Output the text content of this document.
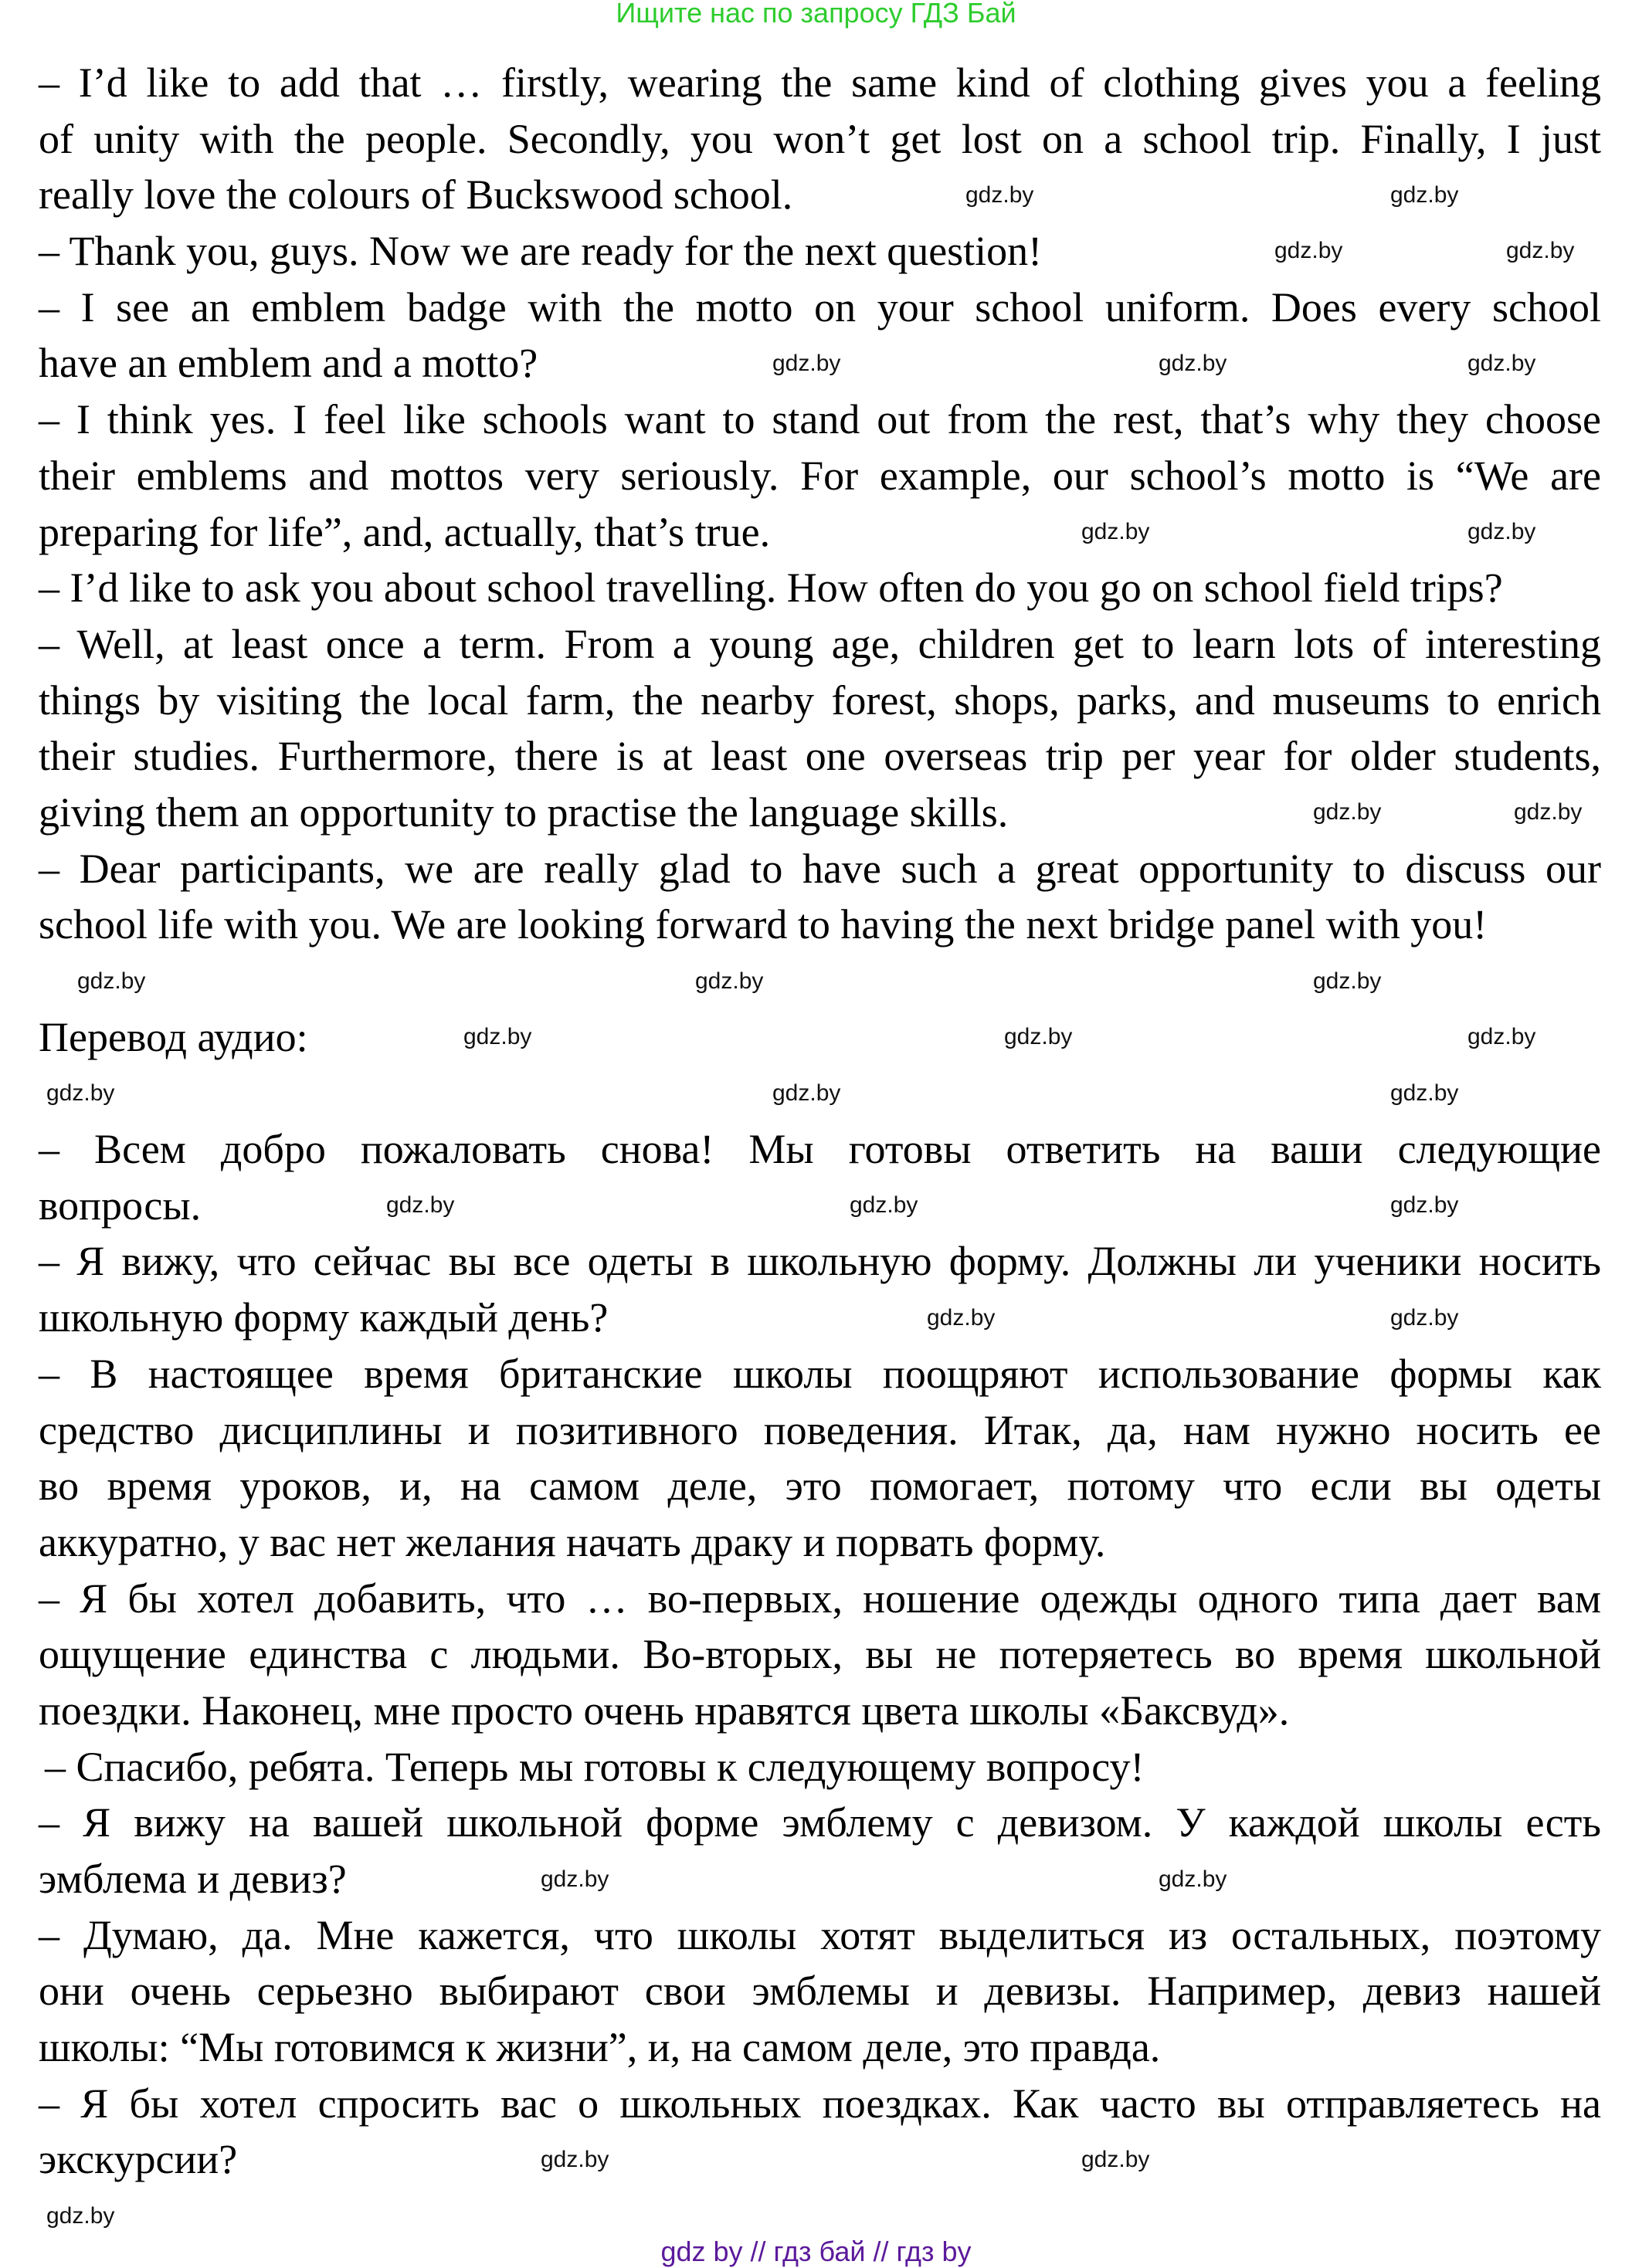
Ищите нас по запросу ГДЗ Бай
– I’d like to add that … firstly, wearing the same kind of clothing gives you a feeling
of unity with the people. Secondly, you won’t get lost on a school trip. Finally, I just
really love the colours of Buckswood school.
– Thank you, guys. Now we are ready for the next question!
– I see an emblem badge with the motto on your school uniform. Does every school
have an emblem and a motto?
– I think yes. I feel like schools want to stand out from the rest, that’s why they choose
their emblems and mottos very seriously. For example, our school’s motto is “We are
preparing for life”, and, actually, that’s true.
– I’d like to ask you about school travelling. How often do you go on school field trips?
– Well, at least once a term. From a young age, children get to learn lots of interesting
things by visiting the local farm, the nearby forest, shops, parks, and museums to enrich
their studies. Furthermore, there is at least one overseas trip per year for older students,
giving them an opportunity to practise the language skills.
– Dear participants, we are really glad to have such a great opportunity to discuss our
school life with you. We are looking forward to having the next bridge panel with you!
Перевод аудио:
– Всем добро пожаловать снова! Мы готовы ответить на ваши следующие
вопросы.
– Я вижу, что сейчас вы все одеты в школьную форму. Должны ли ученики носить
школьную форму каждый день?
– В настоящее время британские школы поощряют использование формы как
средство дисциплины и позитивного поведения. Итак, да, нам нужно носить ее
во время уроков, и, на самом деле, это помогает, потому что если вы одеты
аккуратно, у вас нет желания начать драку и порвать форму.
– Я бы хотел добавить, что … во-первых, ношение одежды одного типа дает вам
ощущение единства с людьми. Во-вторых, вы не потеряетесь во время школьной
поездки. Наконец, мне просто очень нравятся цвета школы «Баксвуд».
– Спасибо, ребята. Теперь мы готовы к следующему вопросу!
– Я вижу на вашей школьной форме эмблему с девизом. У каждой школы есть
эмблема и девиз?
– Думаю, да. Мне кажется, что школы хотят выделиться из остальных, поэтому
они очень серьезно выбирают свои эмблемы и девизы. Например, девиз нашей
школы: “Мы готовимся к жизни”, и, на самом деле, это правда.
– Я бы хотел спросить вас о школьных поездках. Как часто вы отправляетесь на
экскурсии?
gdz.by	gdz.by
gdz.by	gdz.by
gdz.by	gdz.by	gdz.by
gdz.by	gdz.by
gdz.by	gdz.by
gdz.by	gdz.by	gdz.by
gdz.by	gdz.by	gdz.by
gdz.by	gdz.by	gdz.by
gdz.by	gdz.by	gdz.by
gdz.by	gdz.by
gdz.by	gdz.by
gdz.by	gdz.by
gdz.by
gdz by // гдз бай // гдз by
